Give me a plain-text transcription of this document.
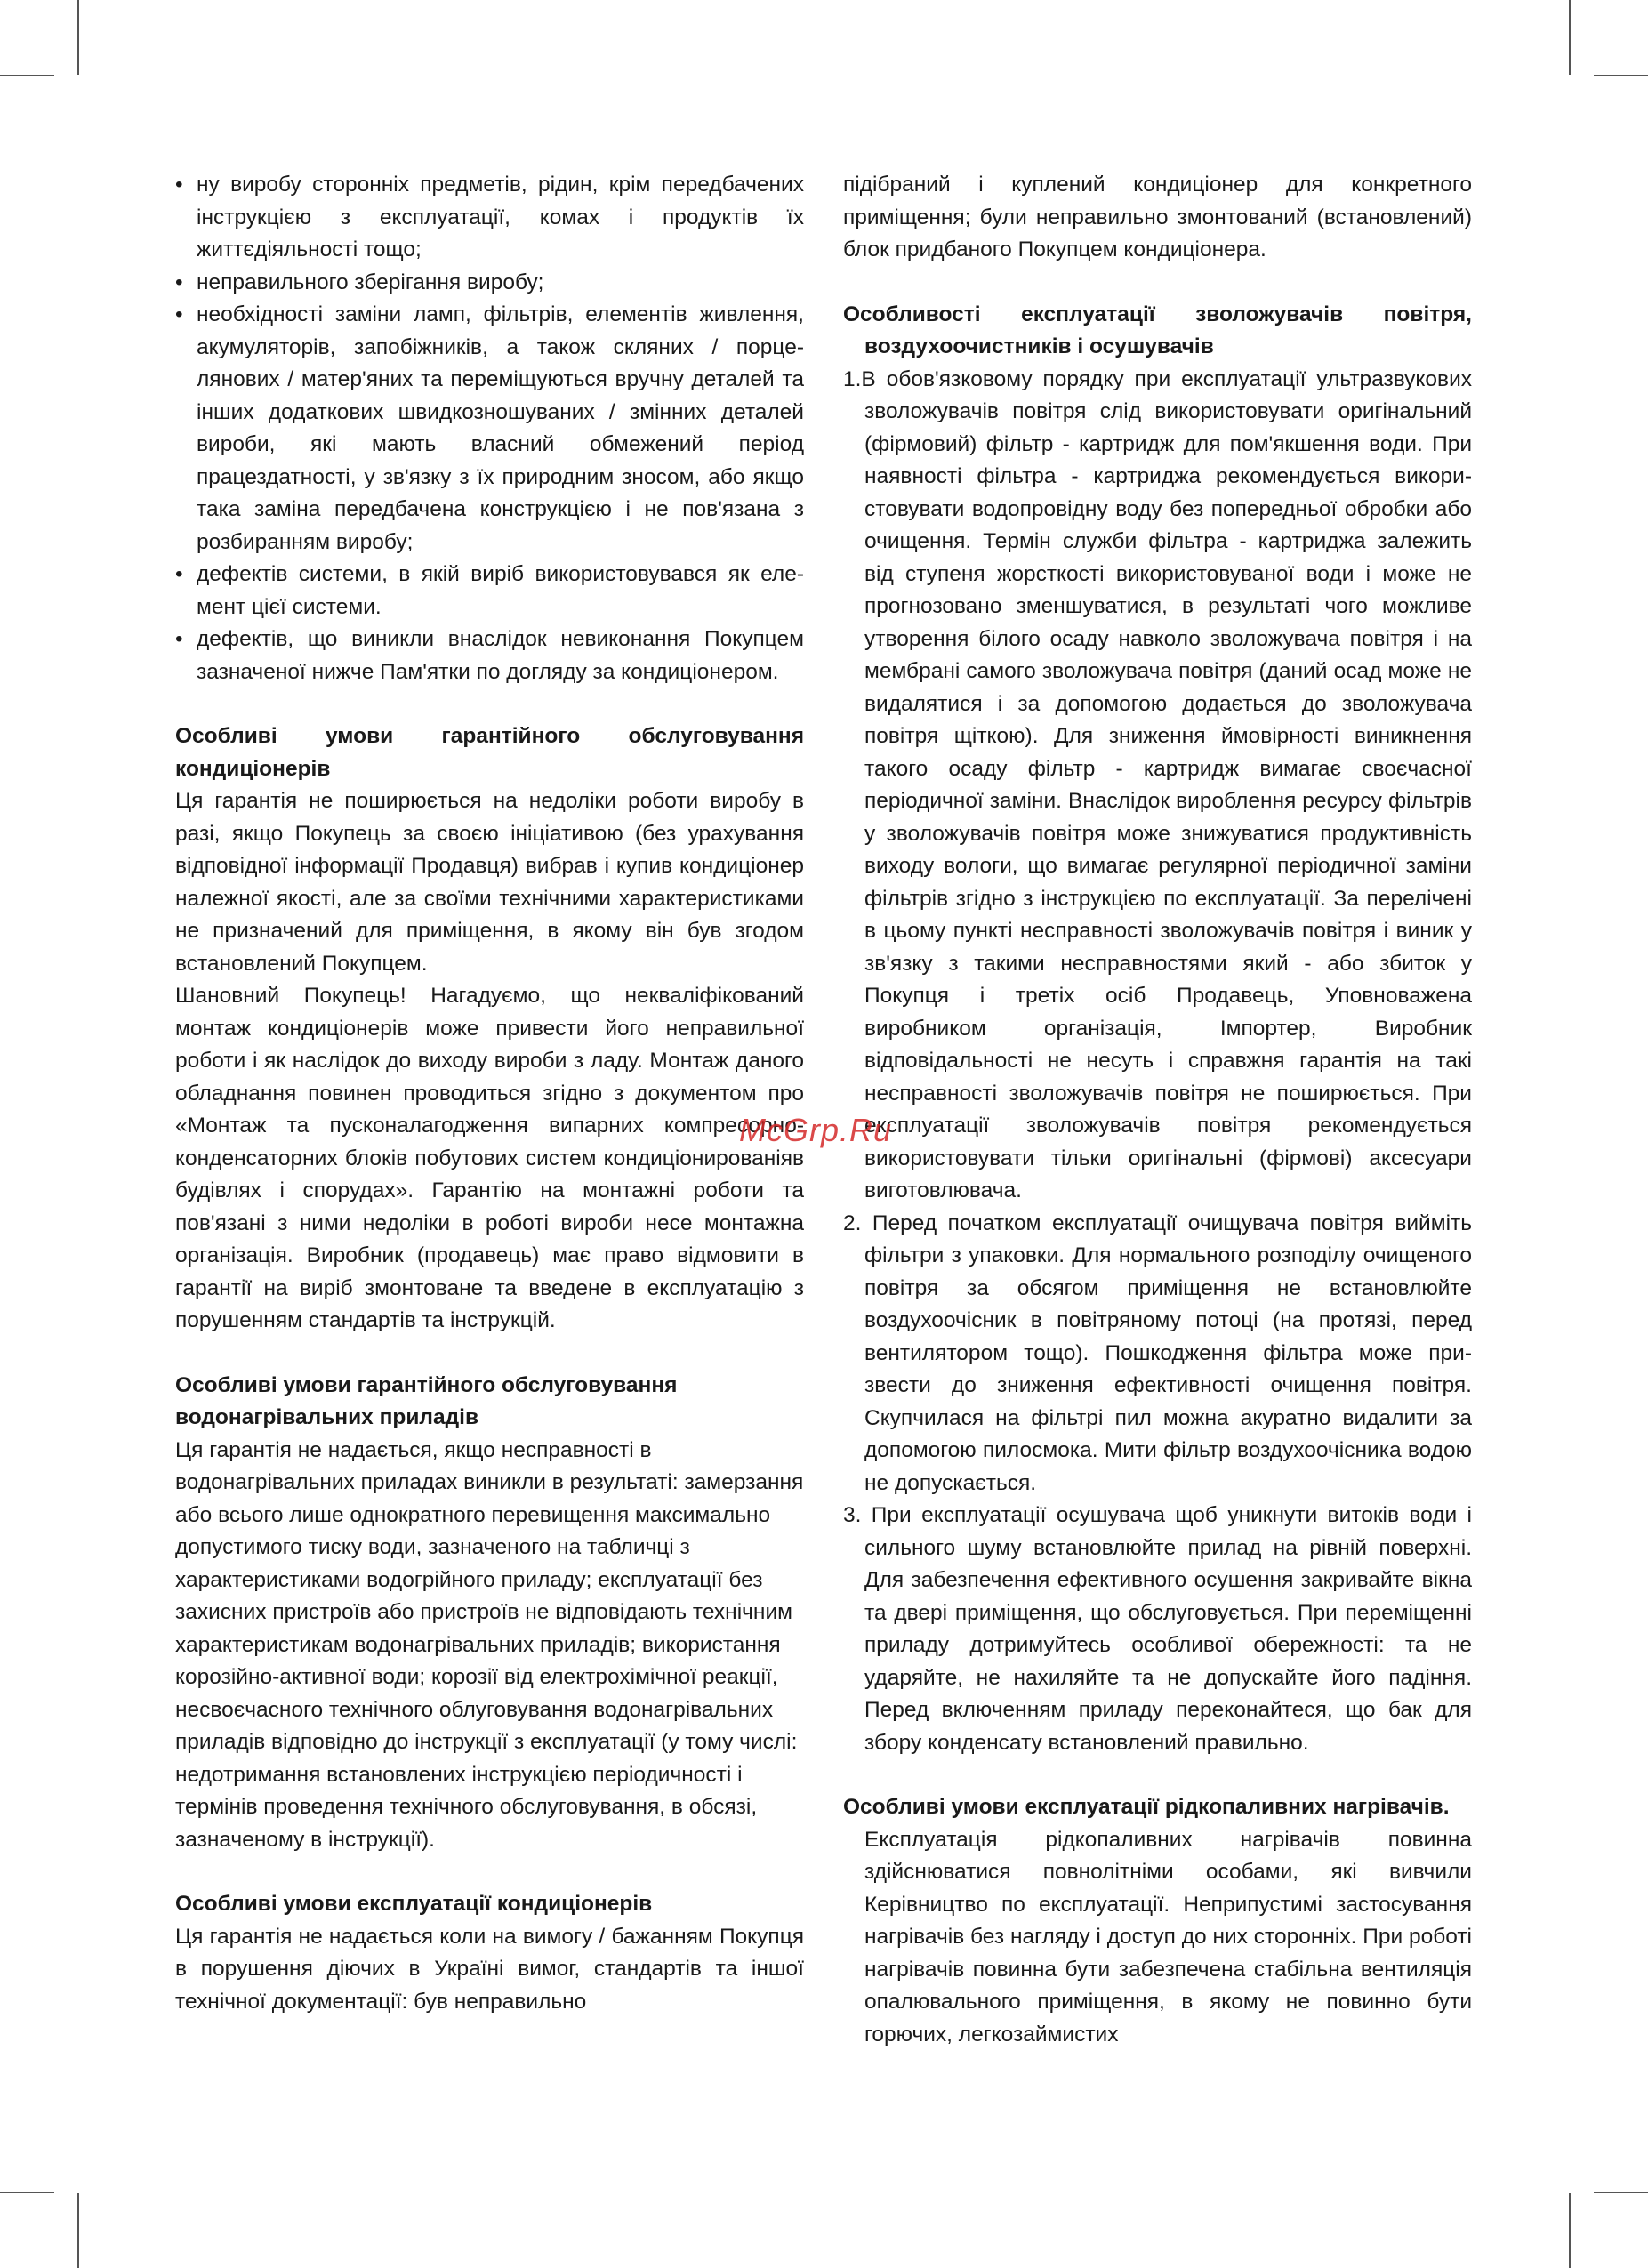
• ну виробу сторонніх предметів, рідин, крім передбачених інструкцією з експлуатації, комах і продуктів їх життєдіяльності тощо;
• неправильного зберігання виробу;
• необхідності заміни ламп, фільтрів, елементів живлення, акумуляторів, запобіжників, а також скляних / порцелянових / матер'яних та переміщуються вручну деталей та інших додаткових швидкозношуваних / змінних деталей вироби, які мають власний обмежений період працездатності, у зв'язку з їх природним зносом, або якщо така заміна передбачена конструкцією і не пов'язана з розбиранням виробу;
• дефектів системи, в якій виріб використовувався як елемент цієї системи.
• дефектів, що виникли внаслідок невиконання Покупцем зазначеної нижче Пам'ятки по догляду за кондиціонером.
Особливі умови гарантійного обслуговування кондиціонерів

Ця гарантія не поширюється на недоліки роботи виробу в разі, якщо Покупець за своєю ініціативою (без урахування відповідної інформації Продавця) вибрав і купив кондиціонер належної якості, але за своїми технічними характеристиками не призначений для приміщення, в якому він був згодом встановлений Покупцем.

Шановний Покупець! Нагадуємо, що некваліфікований монтаж кондиціонерів може привести його неправильної роботи і як наслідок до виходу вироби з ладу. Монтаж даного обладнання повинен проводиться згідно з документом про «Монтаж та пусконалагодження випарних компресорно-конденсаторних блоків побутових систем кондиціонированіяв будівлях і спорудах». Гарантію на монтажні роботи та пов'язані з ними недоліки в роботі вироби несе монтажна організація. Виробник (продавець) має право відмовити в гарантії на виріб змонтоване та введене в експлуатацію з порушенням стандартів та інструкцій.

Особливі умови гарантійного обслуговування водонагрівальних приладів

Ця гарантія не надається, якщо несправності в водонагрівальних приладах виникли в результаті: замерзання або всього лише однократного перевищення максимально допустимого тиску води, зазначеного на табличці з характеристиками водогрійного приладу; експлуатації без захисних пристроїв або пристроїв не відповідають технічним характеристикам водонагрівальних приладів; використання корозійно-активної води; корозії від електрохімічної реакції, несвоєчасного технічного облуговування водонагрівальних приладів відповідно до інструкції з експлуатації (у тому числі: недотримання встановлених інструкцією періодичності і термінів проведення технічного обслуговування, в обсязі, зазначеному в інструкції).

Особливі умови експлуатації кондиціонерів

Ця гарантія не надається коли на вимогу / бажанням Покупця в порушення діючих в Україні вимог, стандартів та іншої технічної документації: був неправильно

підібраний і куплений кондиціонер для конкретного приміщення; були неправильно змонтований (встановлений) блок придбаного Покупцем кондиціонера.

Особливості експлуатації зволожувачів повітря, воздухоочистників і осушувачів
1.В обов'язковому порядку при експлуатації ультразвукових зволожувачів повітря слід використовувати оригінальний (фірмовий) фільтр - картридж для пом'якшення води. При наявності фільтра - картриджа рекомендується використовувати водопровідну воду без попередньої обробки або очищення. Термін служби фільтра - картриджа залежить від ступеня жорсткості використовуваної води і може не прогнозовано зменшуватися, в результаті чого можливе утворення білого осаду навколо зволожувача повітря і на мембрані самого зволожувача повітря (даний осад може не видалятися і за допомогою додається до зволожувача повітря щіткою). Для зниження ймовірності виникнення такого осаду фільтр - картридж вимагає своєчасної періодичної заміни. Внаслідок вироблення ресурсу фільтрів у зволожувачів повітря може знижуватися продуктивність виходу вологи, що вимагає регулярної періодичної заміни фільтрів згідно з інструкцією по експлуатації. За перелічені в цьому пункті несправності зволожувачів повітря і виник у зв'язку з такими несправностями який - або збиток у Покупця і третіх осіб Продавець, Уповноважена виробником організація, Імпортер, Виробник відповідальності не несуть і справжня гарантія на такі несправності зволожувачів повітря не поширюється. При експлуатації зволожувачів повітря рекомендується використовувати тільки оригінальні (фірмові) аксесуари виготовлювача.
2. Перед початком експлуатації очищувача повітря вийміть фільтри з упаковки. Для нормального розподілу очищеного повітря за обсягом приміщення не встановлюйте воздухоочісник в повітряному потоці (на протязі, перед вентилятором тощо). Пошкодження фільтра може призвести до зниження ефективності очищення повітря. Скупчилася на фільтрі пил можна акуратно видалити за допомогою пилосмока. Мити фільтр воздухоочісника водою не допускається.
3. При експлуатації осушувача щоб уникнути витоків води і сильного шуму встановлюйте прилад на рівній поверхні. Для забезпечення ефективного осушення закривайте вікна та двері приміщення, що обслуговується. При переміщенні приладу дотримуйтесь особливої обережності: та не ударяйте, не нахиляйте та не допускайте його падіння. Перед включенням приладу переконайтеся, що бак для збору конденсату встановлений правильно.
Особливі умови експлуатації рідкопаливних нагрівачів.

Експлуатація рідкопаливних нагрівачів повинна здійснюватися повнолітніми особами, які вивчили Керівництво по експлуатації. Неприпустимі застосування нагрівачів без нагляду і доступ до них сторонніх. При роботі нагрівачів повинна бути забезпечена стабільна вентиляція опалювального приміщення, в якому не повинно бути горючих, легкозаймистих

McGrp.Ru
